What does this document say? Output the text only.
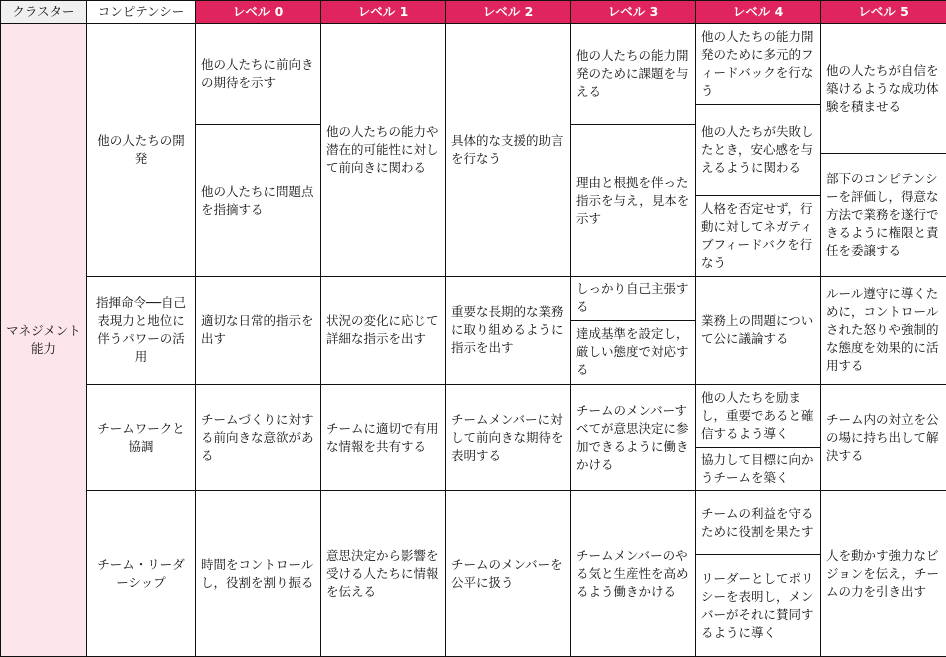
クラスター	コンピテンシー	レベル 0	レベル 1	レベル 2	レベル 3	レベル 4	レベル 5
マネジメント能力	他の人たちの開発	他の人たちに前向きの期待を示す	他の人たちの能力や潜在的可能性に対して前向きに関わる	具体的な支援的助言を行なう	他の人たちの能力開発のために課題を与える	他の人たちの能力開発のために多元的フィードバックを行なう	他の人たちが自信を築けるような成功体験を積ませる
						他の人たちが失敗したとき，安心感を与えるように関わる	
		他の人たちに問題点を指摘する			理由と根拠を伴った指示を与え，見本を示す		
							部下のコンピテンシーを評価し，得意な方法で業務を遂行できるように権限と責任を委譲する
						人格を否定せず，行動に対してネガティブフィードバクを行なう	
	指揮命令──自己表現力と地位に伴うパワーの活用	適切な日常的指示を出す	状況の変化に応じて詳細な指示を出す	重要な長期的な業務に取り組めるように指示を出す	しっかり自己主張する	業務上の問題について公に議論する	ルール遵守に導くために，コントロールされた怒りや強制的な態度を効果的に活用する
					達成基準を設定し，厳しい態度で対応する		
	チームワークと協調	チームづくりに対する前向きな意欲がある	チームに適切で有用な情報を共有する	チームメンバーに対して前向きな期待を表明する	チームのメンバーすべてが意思決定に参加できるように働きかける	他の人たちを励まし，重要であると確信するよう導く	チーム内の対立を公の場に持ち出して解決する
						協力して目標に向かうチームを築く	
	チーム・リーダーシップ	時間をコントロールし，役割を割り振る	意思決定から影響を受ける人たちに情報を伝える	チームのメンバーを公平に扱う	チームメンバーのやる気と生産性を高めるよう働きかける	チームの利益を守るために役割を果たす	人を動かす強力なビジョンを伝え，チームの力を引き出す
						リーダーとしてポリシーを表明し，メンバーがそれに賛同するように導く	
